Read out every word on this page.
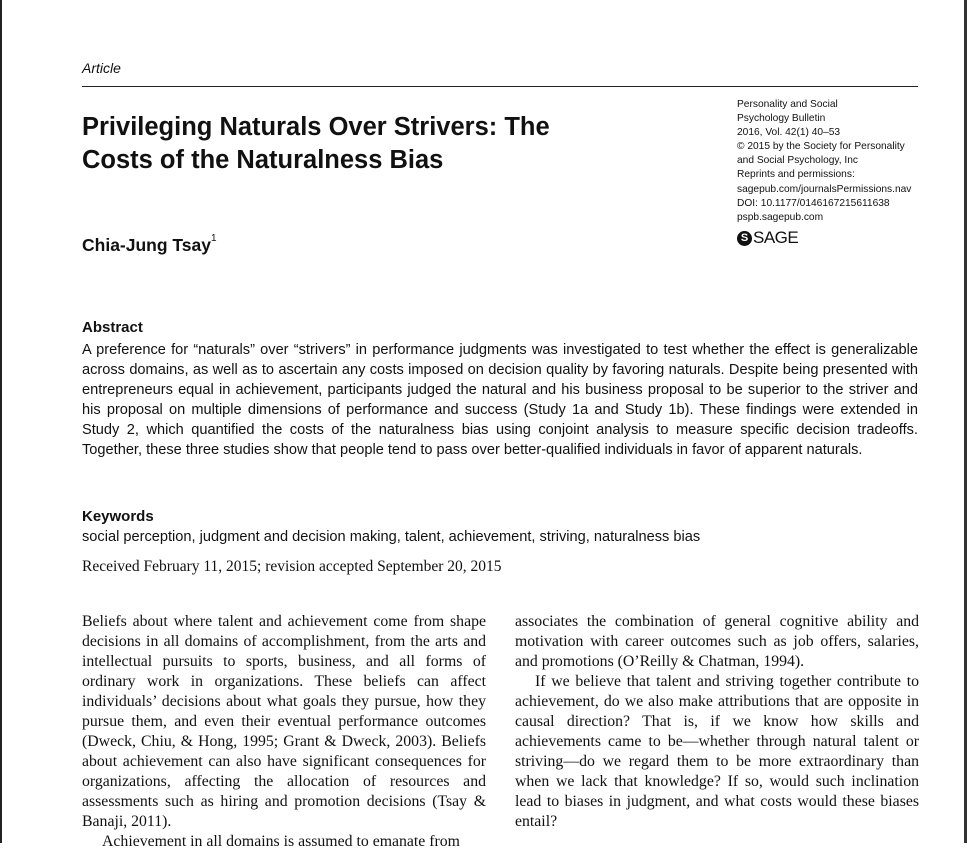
Article
Privileging Naturals Over Strivers: The
Costs of the Naturalness Bias
Chia-Jung Tsay$^1$
Personality and Social
Psychology Bulletin
2016, Vol. 42(1) 40–53
© 2015 by the Society for Personality
and Social Psychology, Inc
Reprints and permissions:
sagepub.com/journalsPermissions.nav
DOI: 10.1177/0146167215611638
pspb.sagepub.com
S SAGE
Abstract

A preference for “naturals” over “strivers” in performance judgments was investigated to test whether the effect is generalizable across domains, as well as to ascertain any costs imposed on decision quality by favoring naturals. Despite being presented with entrepreneurs equal in achievement, participants judged the natural and his business proposal to be superior to the striver and his proposal on multiple dimensions of performance and success (Study 1a and Study 1b). These findings were extended in Study 2, which quantified the costs of the naturalness bias using conjoint analysis to measure specific decision tradeoffs. Together, these three studies show that people tend to pass over better-qualified individuals in favor of apparent naturals.

Keywords
social perception, judgment and decision making, talent, achievement, striving, naturalness bias
Received February 11, 2015; revision accepted September 20, 2015

Beliefs about where talent and achievement come from shape decisions in all domains of accomplishment, from the arts and intellectual pursuits to sports, business, and all forms of ordinary work in organizations. These beliefs can affect individuals’ decisions about what goals they pursue, how they pursue them, and even their eventual performance outcomes (Dweck, Chiu, & Hong, 1995; Grant & Dweck, 2003). Beliefs about achievement can also have significant consequences for organizations, affecting the allocation of resources and assessments such as hiring and promotion decisions (Tsay & Banaji, 2011).

Achievement in all domains is assumed to emanate from

associates the combination of general cognitive ability and motivation with career outcomes such as job offers, salaries, and promotions (O’Reilly & Chatman, 1994).

If we believe that talent and striving together contribute to achievement, do we also make attributions that are opposite in causal direction? That is, if we know how skills and achievements came to be—whether through natural talent or striving—do we regard them to be more extraordinary than when we lack that knowledge? If so, would such inclination lead to biases in judgment, and what costs would these biases entail?
